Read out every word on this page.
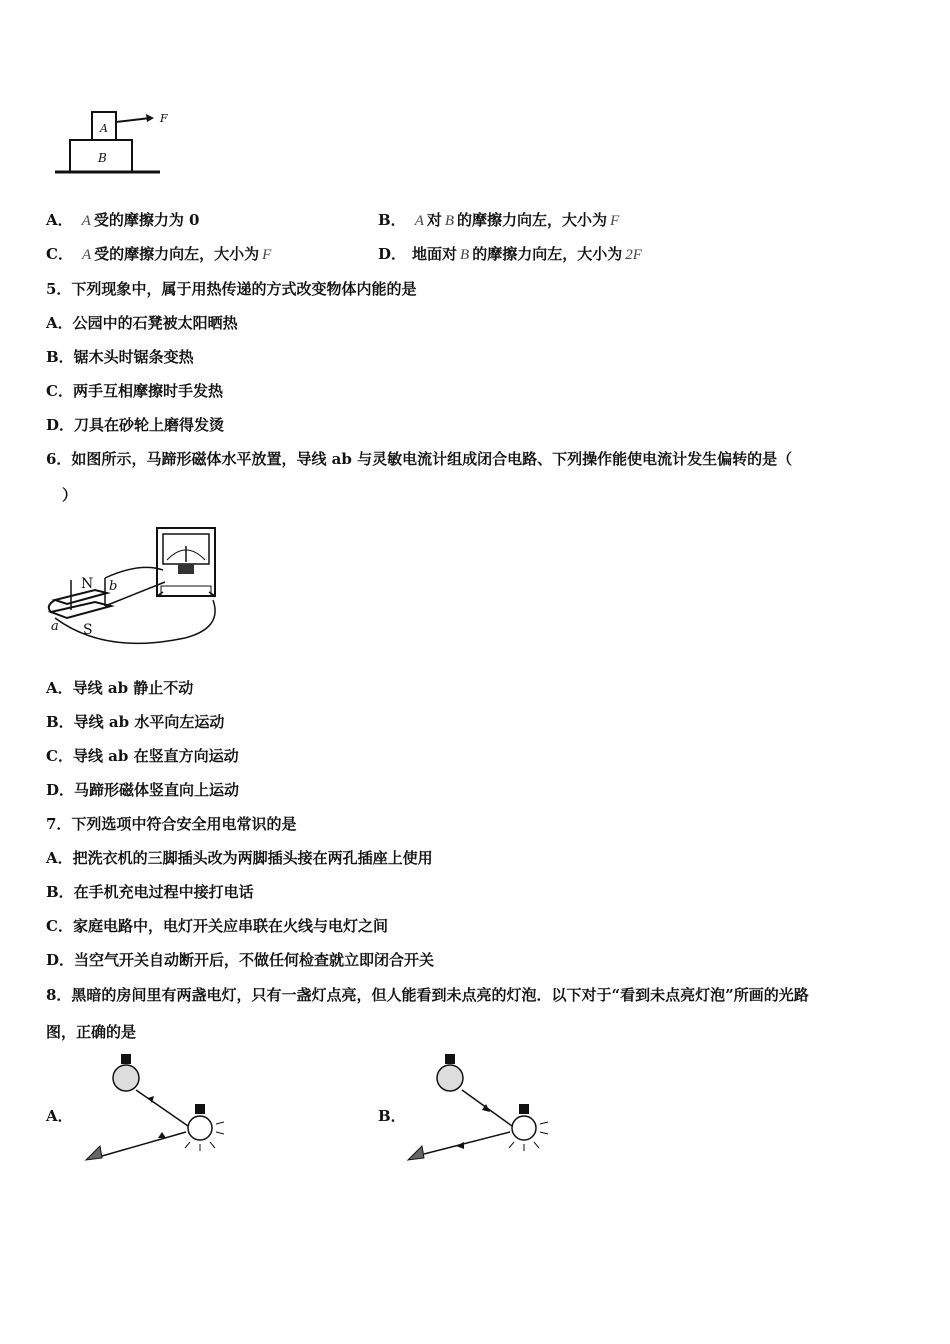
A
B
F
A． A 受的摩擦力为 0	B． A 对 B 的摩擦力向左，大小为 F
C． A 受的摩擦力向左，大小为 F	D． 地面对 B 的摩擦力向左，大小为 2F
5．下列现象中，属于用热传递的方式改变物体内能的是
A．公园中的石凳被太阳晒热
B．锯木头时锯条变热
C．两手互相摩擦时手发热
D．刀具在砂轮上磨得发烫
6．如图所示，马蹄形磁体水平放置，导线 ab 与灵敏电流计组成闭合电路、下列操作能使电流计发生偏转的是（
）
N
S
a
b
A．导线 ab 静止不动
B．导线 ab 水平向左运动
C．导线 ab 在竖直方向运动
D．马蹄形磁体竖直向上运动
7．下列选项中符合安全用电常识的是
A．把洗衣机的三脚插头改为两脚插头接在两孔插座上使用
B．在手机充电过程中接打电话
C．家庭电路中，电灯开关应串联在火线与电灯之间
D．当空气开关自动断开后，不做任何检查就立即闭合开关
8．黑暗的房间里有两盏电灯，只有一盏灯点亮，但人能看到未点亮的灯泡．以下对于“看到未点亮灯泡”所画的光路
图，正确的是
A．	B．
